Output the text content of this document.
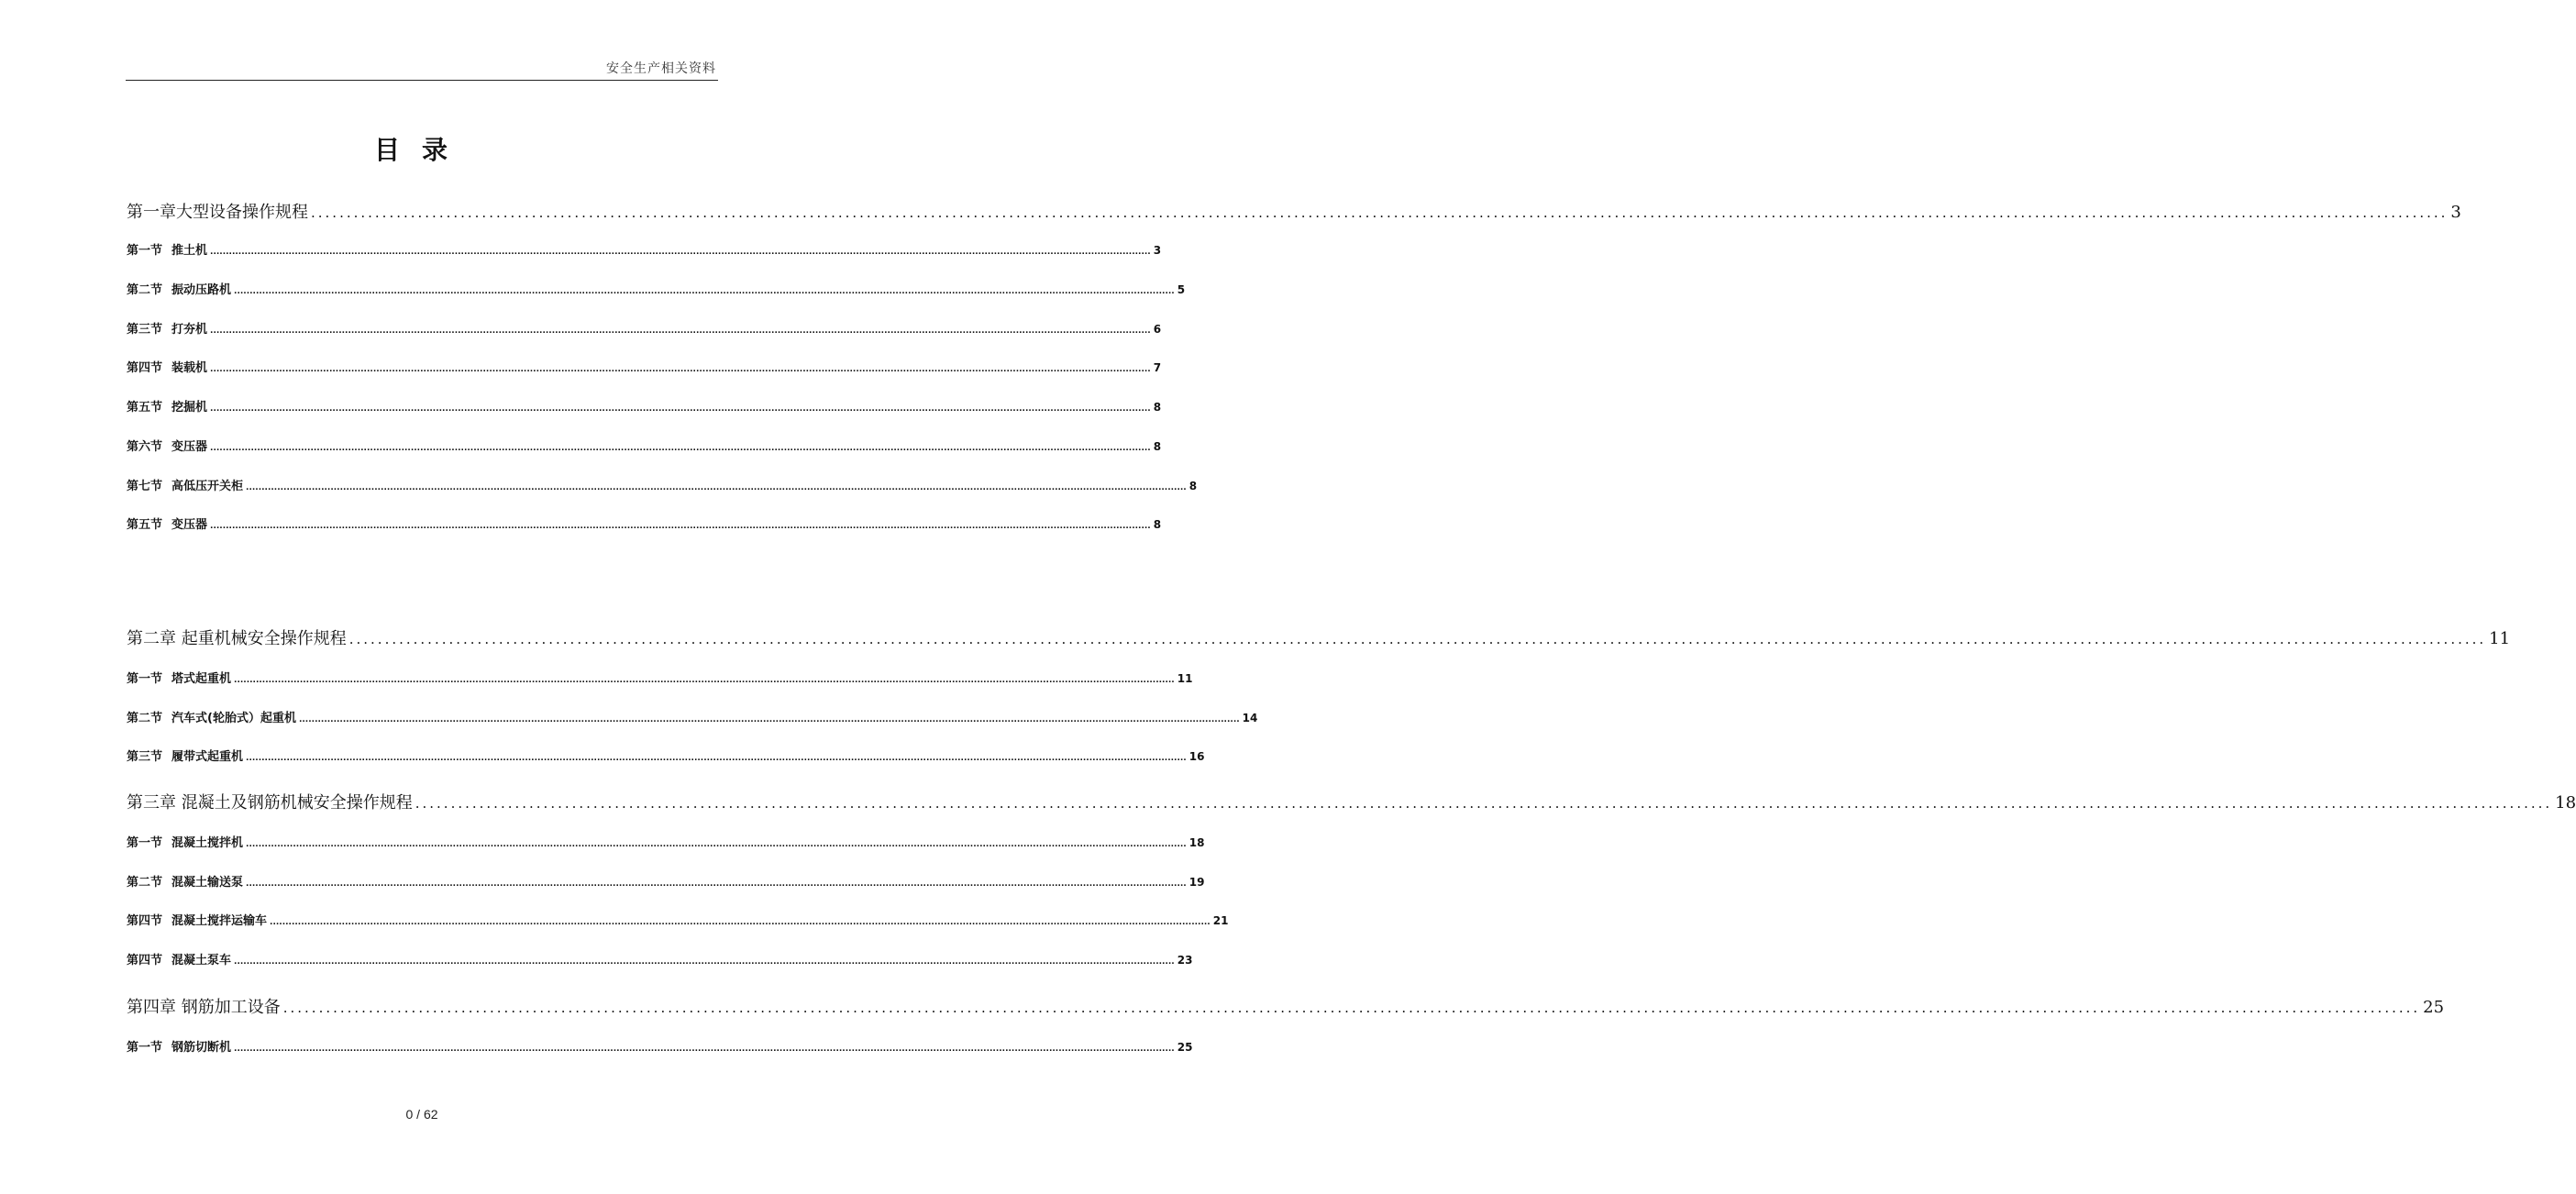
安全生产相关资料
目录
第一章大型设备操作规程 ............................................................................................................................................................................................................................................................................................................ 3
第一节 推土机 ............................................................................................................................................................................................................................................................................................................ 3
第二节 振动压路机 ............................................................................................................................................................................................................................................................................................................ 5
第三节 打夯机 ............................................................................................................................................................................................................................................................................................................ 6
第四节 装载机 ............................................................................................................................................................................................................................................................................................................ 7
第五节 挖掘机 ............................................................................................................................................................................................................................................................................................................ 8
第六节 变压器 ............................................................................................................................................................................................................................................................................................................ 8
第七节 高低压开关柜 ............................................................................................................................................................................................................................................................................................................ 8
第五节 变压器 ............................................................................................................................................................................................................................................................................................................ 8
第二章 起重机械安全操作规程 ............................................................................................................................................................................................................................................................................................................ 11
第一节 塔式起重机 ............................................................................................................................................................................................................................................................................................................ 11
第二节 汽车式(轮胎式）起重机 ............................................................................................................................................................................................................................................................................................................ 14
第三节 履带式起重机 ............................................................................................................................................................................................................................................................................................................ 16
第三章 混凝土及钢筋机械安全操作规程 ............................................................................................................................................................................................................................................................................................................ 18
第一节 混凝土搅拌机 ............................................................................................................................................................................................................................................................................................................ 18
第二节 混凝土输送泵 ............................................................................................................................................................................................................................................................................................................ 19
第四节 混凝土搅拌运输车 ............................................................................................................................................................................................................................................................................................................ 21
第四节 混凝土泵车 ............................................................................................................................................................................................................................................................................................................ 23
第四章 钢筋加工设备 ............................................................................................................................................................................................................................................................................................................ 25
第一节 钢筋切断机 ............................................................................................................................................................................................................................................................................................................ 25
0 / 62
